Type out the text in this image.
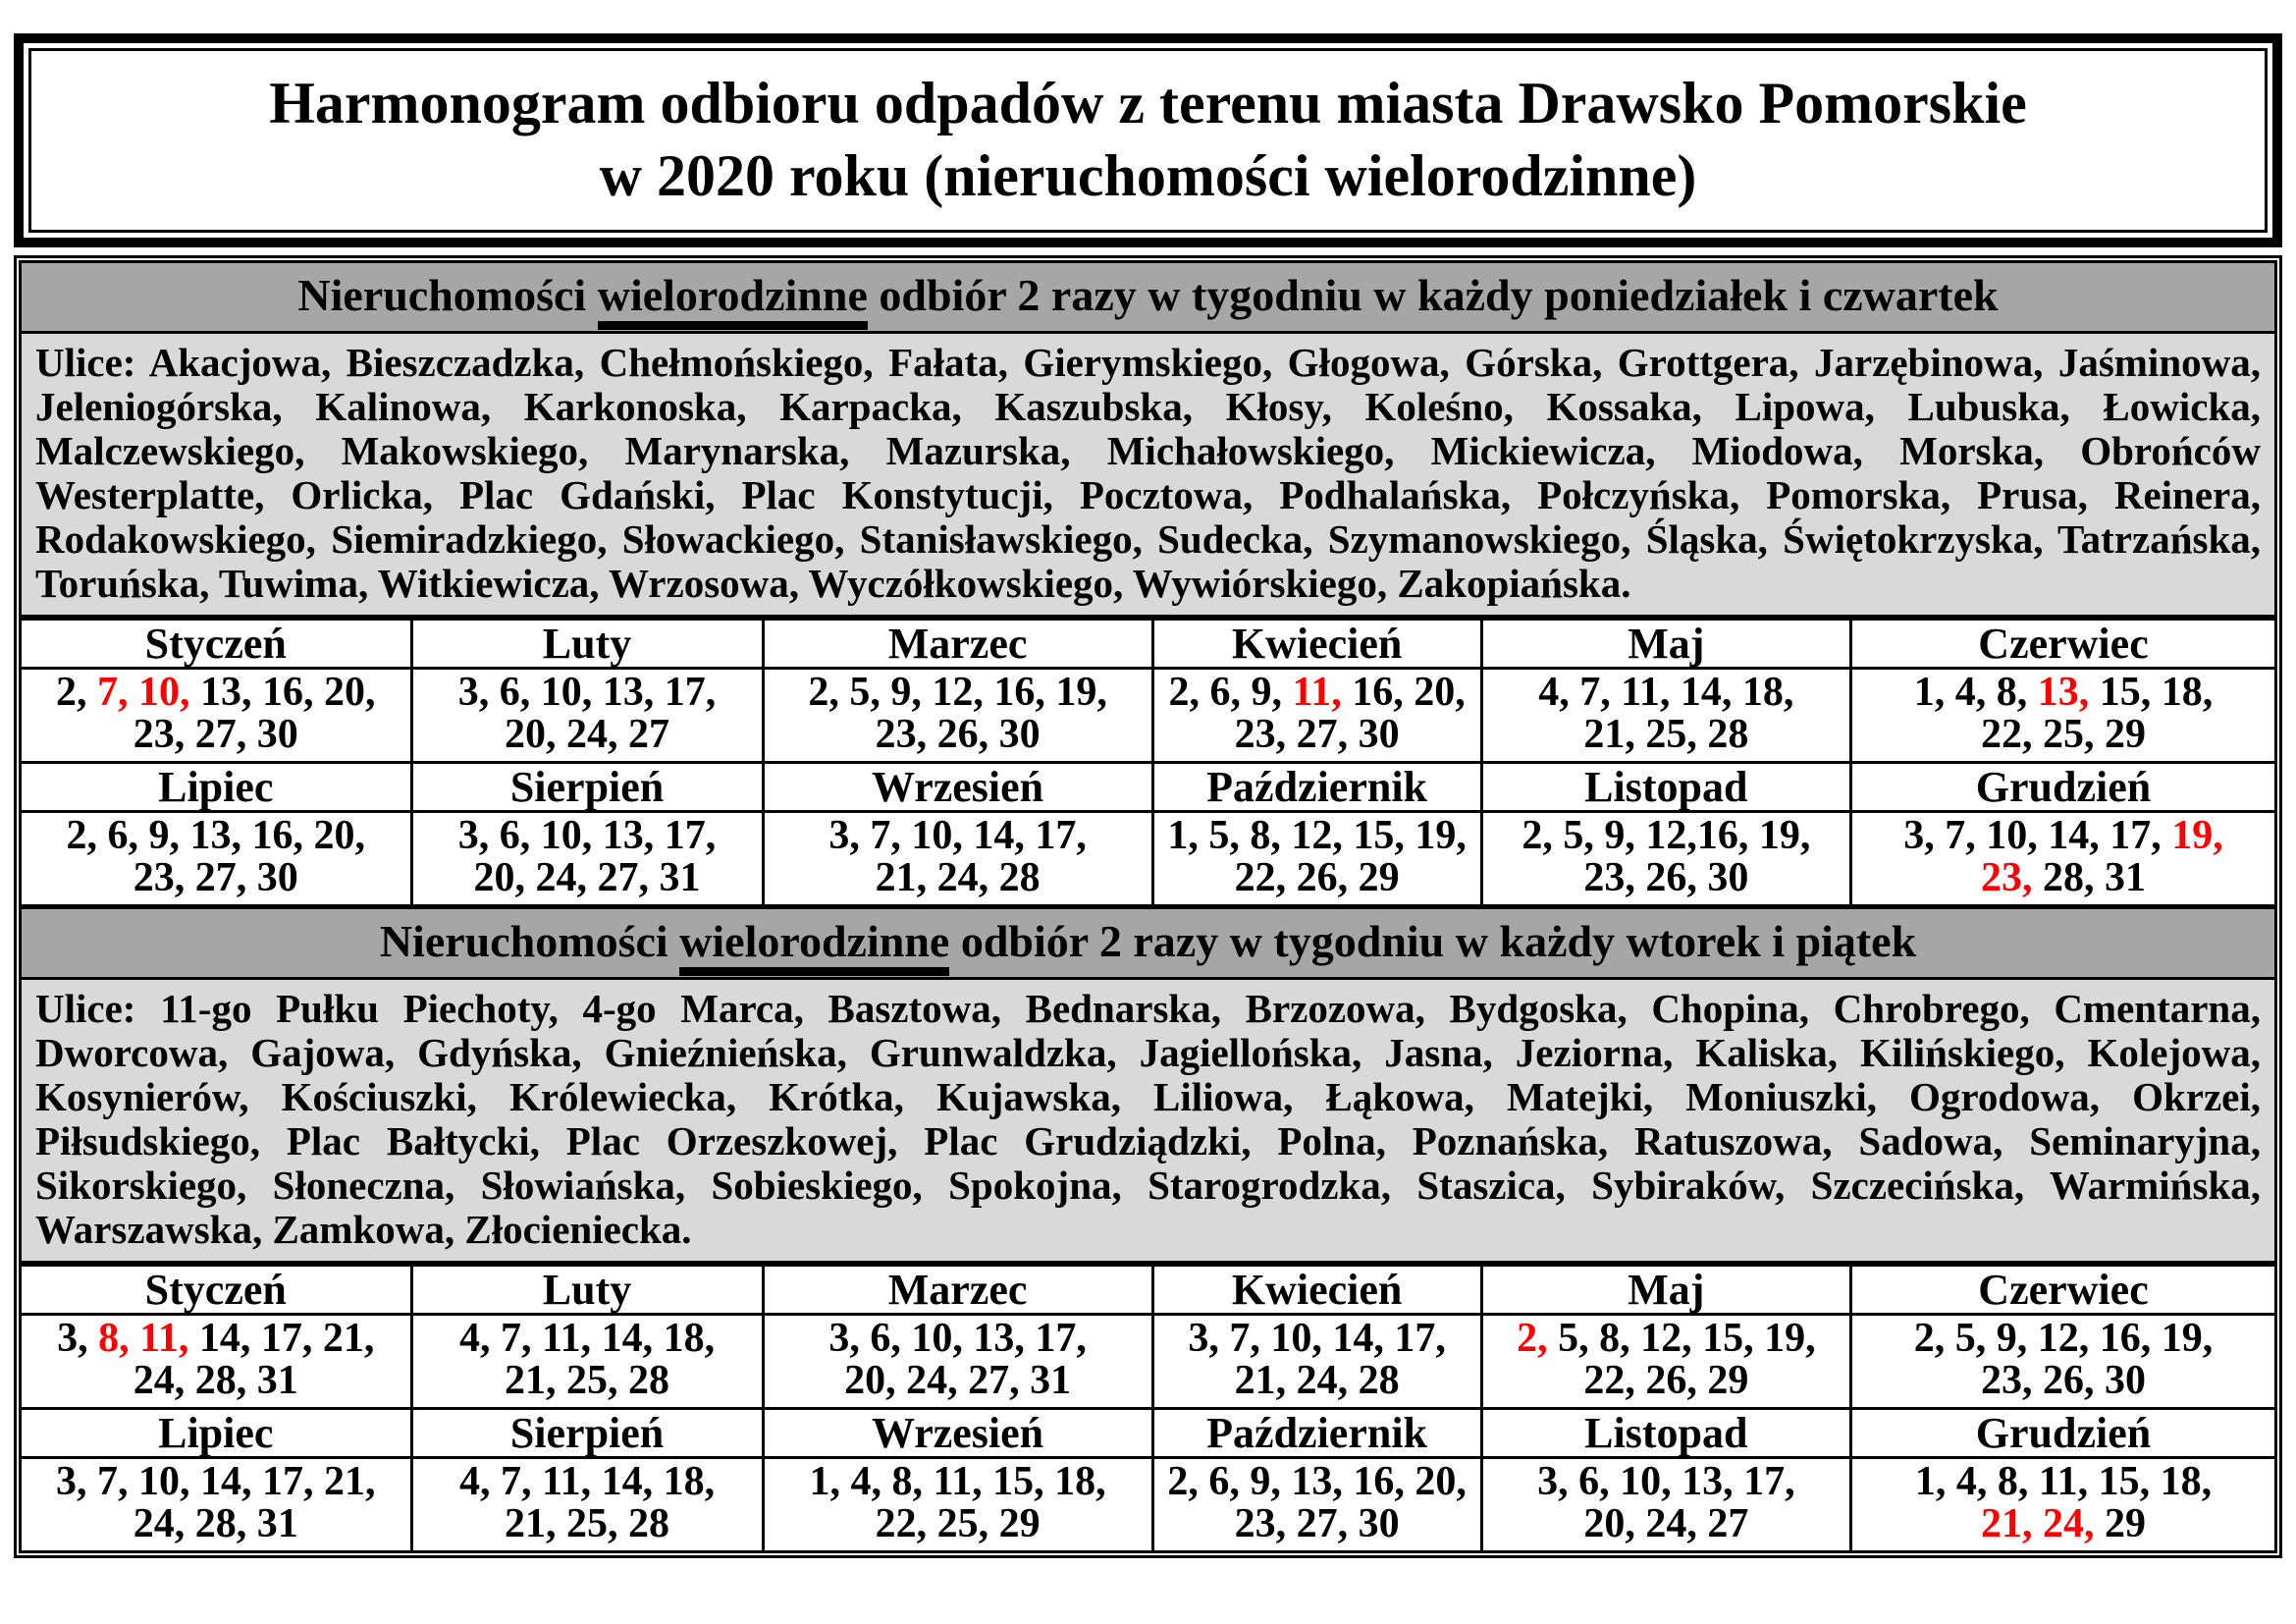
Harmonogram odbioru odpadów z terenu miasta Drawsko Pomorskie
w 2020 roku (nieruchomości wielorodzinne)
Nieruchomości wielorodzinne odbiór 2 razy w tygodniu w każdy poniedziałek i czwartek
Ulice: Akacjowa, Bieszczadzka, Chełmońskiego, Fałata, Gierymskiego, Głogowa, Górska, Grottgera, Jarzębinowa, Jaśminowa, Jeleniogórska, Kalinowa, Karkonoska, Karpacka, Kaszubska, Kłosy, Koleśno, Kossaka, Lipowa, Lubuska, Łowicka, Malczewskiego, Makowskiego, Marynarska, Mazurska, Michałowskiego, Mickiewicza, Miodowa, Morska, Obrońców Westerplatte, Orlicka, Plac Gdański, Plac Konstytucji, Pocztowa, Podhalańska, Połczyńska, Pomorska, Prusa, Reinera, Rodakowskiego, Siemiradzkiego, Słowackiego, Stanisławskiego, Sudecka, Szymanowskiego, Śląska, Świętokrzyska, Tatrzańska, Toruńska, Tuwima, Witkiewicza, Wrzosowa, Wyczółkowskiego, Wywiórskiego, Zakopiańska.
Styczeń	Luty	Marzec	Kwiecień	Maj	Czerwiec
2, 7, 10, 13, 16, 20,
23, 27, 30	3, 6, 10, 13, 17,
20, 24, 27	2, 5, 9, 12, 16, 19,
23, 26, 30	2, 6, 9, 11, 16, 20,
23, 27, 30	4, 7, 11, 14, 18,
21, 25, 28	1, 4, 8, 13, 15, 18,
22, 25, 29
Lipiec	Sierpień	Wrzesień	Październik	Listopad	Grudzień
2, 6, 9, 13, 16, 20,
23, 27, 30	3, 6, 10, 13, 17,
20, 24, 27, 31	3, 7, 10, 14, 17,
21, 24, 28	1, 5, 8, 12, 15, 19,
22, 26, 29	2, 5, 9, 12,16, 19,
23, 26, 30	3, 7, 10, 14, 17, 19,
23, 28, 31
Nieruchomości wielorodzinne odbiór 2 razy w tygodniu w każdy wtorek i piątek
Ulice: 11-go Pułku Piechoty, 4-go Marca, Basztowa, Bednarska, Brzozowa, Bydgoska, Chopina, Chrobrego, Cmentarna, Dworcowa, Gajowa, Gdyńska, Gnieźnieńska, Grunwaldzka, Jagiellońska, Jasna, Jeziorna, Kaliska, Kilińskiego, Kolejowa, Kosynierów, Kościuszki, Królewiecka, Krótka, Kujawska, Liliowa, Łąkowa, Matejki, Moniuszki, Ogrodowa, Okrzei, Piłsudskiego, Plac Bałtycki, Plac Orzeszkowej, Plac Grudziądzki, Polna, Poznańska, Ratuszowa, Sadowa, Seminaryjna, Sikorskiego, Słoneczna, Słowiańska, Sobieskiego, Spokojna, Starogrodzka, Staszica, Sybiraków, Szczecińska, Warmińska, Warszawska, Zamkowa, Złocieniecka.
Styczeń	Luty	Marzec	Kwiecień	Maj	Czerwiec
3, 8, 11, 14, 17, 21,
24, 28, 31	4, 7, 11, 14, 18,
21, 25, 28	3, 6, 10, 13, 17,
20, 24, 27, 31	3, 7, 10, 14, 17,
21, 24, 28	2, 5, 8, 12, 15, 19,
22, 26, 29	2, 5, 9, 12, 16, 19,
23, 26, 30
Lipiec	Sierpień	Wrzesień	Październik	Listopad	Grudzień
3, 7, 10, 14, 17, 21,
24, 28, 31	4, 7, 11, 14, 18,
21, 25, 28	1, 4, 8, 11, 15, 18,
22, 25, 29	2, 6, 9, 13, 16, 20,
23, 27, 30	3, 6, 10, 13, 17,
20, 24, 27	1, 4, 8, 11, 15, 18,
21, 24, 29
